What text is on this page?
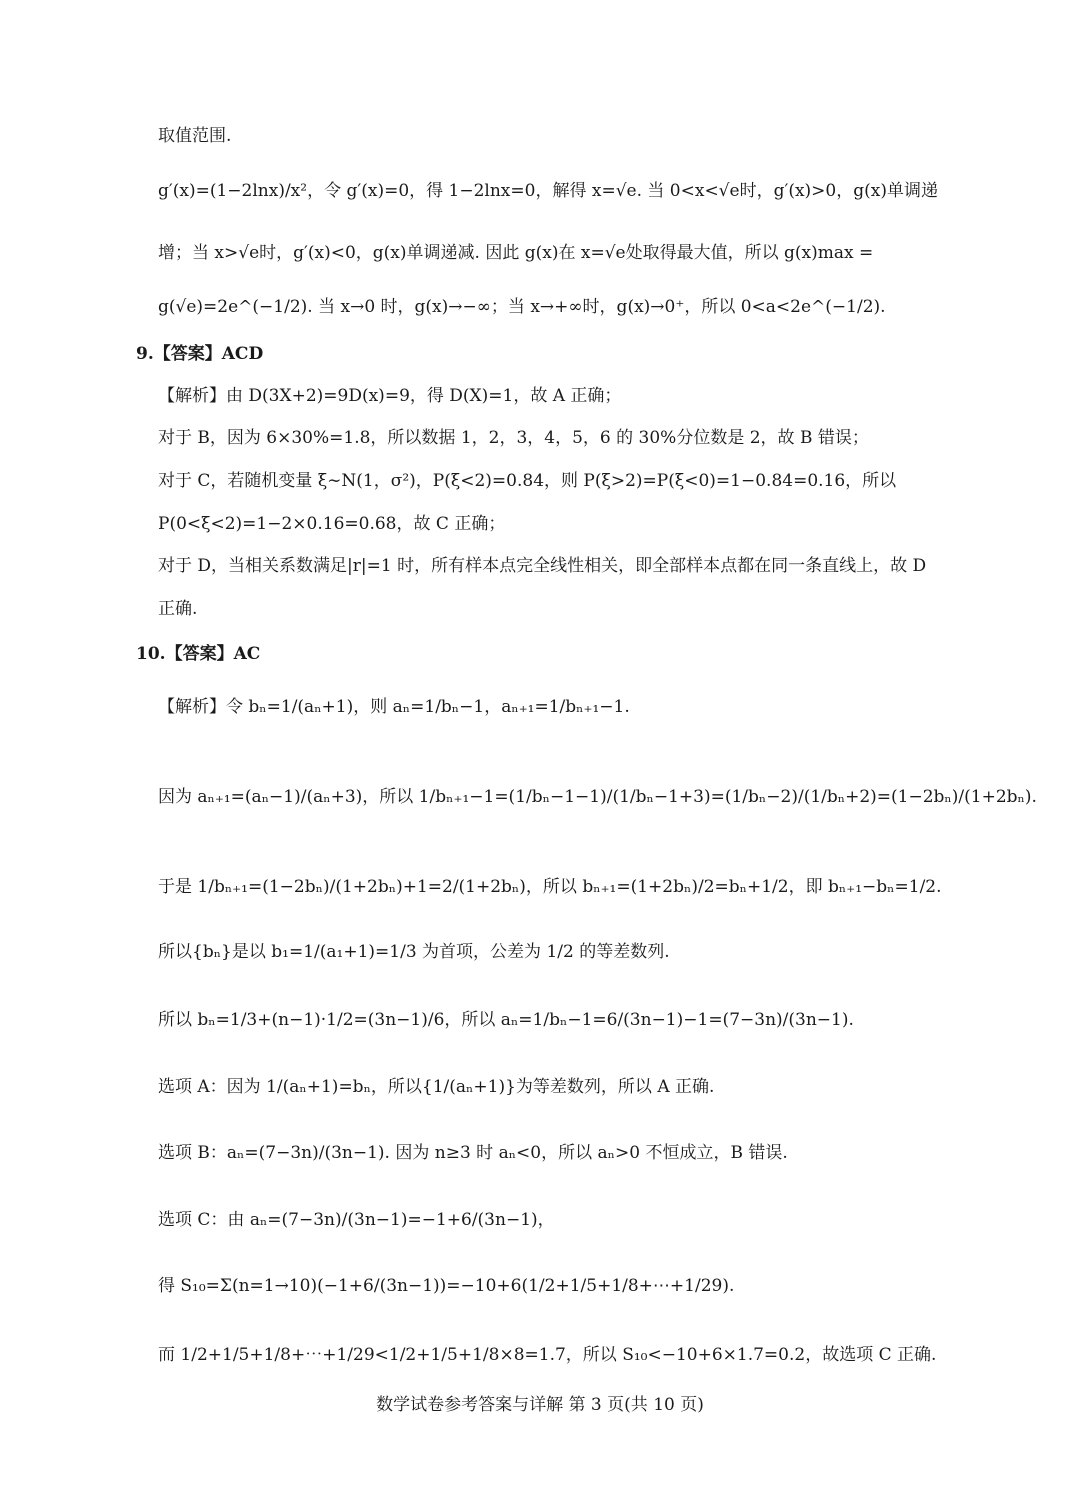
取值范围.
g′(x)=(1−2lnx)/x²，令 g′(x)=0，得 1−2lnx=0，解得 x=√e. 当 0<x<√e时，g′(x)>0，g(x)单调递
增；当 x>√e时，g′(x)<0，g(x)单调递减. 因此 g(x)在 x=√e处取得最大值，所以 g(x)max =
g(√e)=2e^(−1/2). 当 x→0 时，g(x)→−∞；当 x→+∞时，g(x)→0⁺，所以 0<a<2e^(−1/2).
9.【答案】ACD
【解析】由 D(3X+2)=9D(x)=9，得 D(X)=1，故 A 正确；
对于 B，因为 6×30%=1.8，所以数据 1，2，3，4，5，6 的 30%分位数是 2，故 B 错误；
对于 C，若随机变量 ξ∼N(1，σ²)，P(ξ<2)=0.84，则 P(ξ>2)=P(ξ<0)=1−0.84=0.16，所以
P(0<ξ<2)=1−2×0.16=0.68，故 C 正确；
对于 D，当相关系数满足|r|=1 时，所有样本点完全线性相关，即全部样本点都在同一条直线上，故 D
正确.
10.【答案】AC
【解析】令 bₙ=1/(aₙ+1)，则 aₙ=1/bₙ−1，aₙ₊₁=1/bₙ₊₁−1.
因为 aₙ₊₁=(aₙ−1)/(aₙ+3)，所以 1/bₙ₊₁−1=(1/bₙ−1−1)/(1/bₙ−1+3)=(1/bₙ−2)/(1/bₙ+2)=(1−2bₙ)/(1+2bₙ).
于是 1/bₙ₊₁=(1−2bₙ)/(1+2bₙ)+1=2/(1+2bₙ)，所以 bₙ₊₁=(1+2bₙ)/2=bₙ+1/2，即 bₙ₊₁−bₙ=1/2.
所以{bₙ}是以 b₁=1/(a₁+1)=1/3 为首项，公差为 1/2 的等差数列.
所以 bₙ=1/3+(n−1)·1/2=(3n−1)/6，所以 aₙ=1/bₙ−1=6/(3n−1)−1=(7−3n)/(3n−1).
选项 A：因为 1/(aₙ+1)=bₙ，所以{1/(aₙ+1)}为等差数列，所以 A 正确.
选项 B：aₙ=(7−3n)/(3n−1). 因为 n≥3 时 aₙ<0，所以 aₙ>0 不恒成立，B 错误.
选项 C：由 aₙ=(7−3n)/(3n−1)=−1+6/(3n−1)，
得 S₁₀=Σ(n=1→10)(−1+6/(3n−1))=−10+6(1/2+1/5+1/8+⋯+1/29).
而 1/2+1/5+1/8+⋯+1/29<1/2+1/5+1/8×8=1.7，所以 S₁₀<−10+6×1.7=0.2，故选项 C 正确.
数学试卷参考答案与详解 第 3 页(共 10 页)
